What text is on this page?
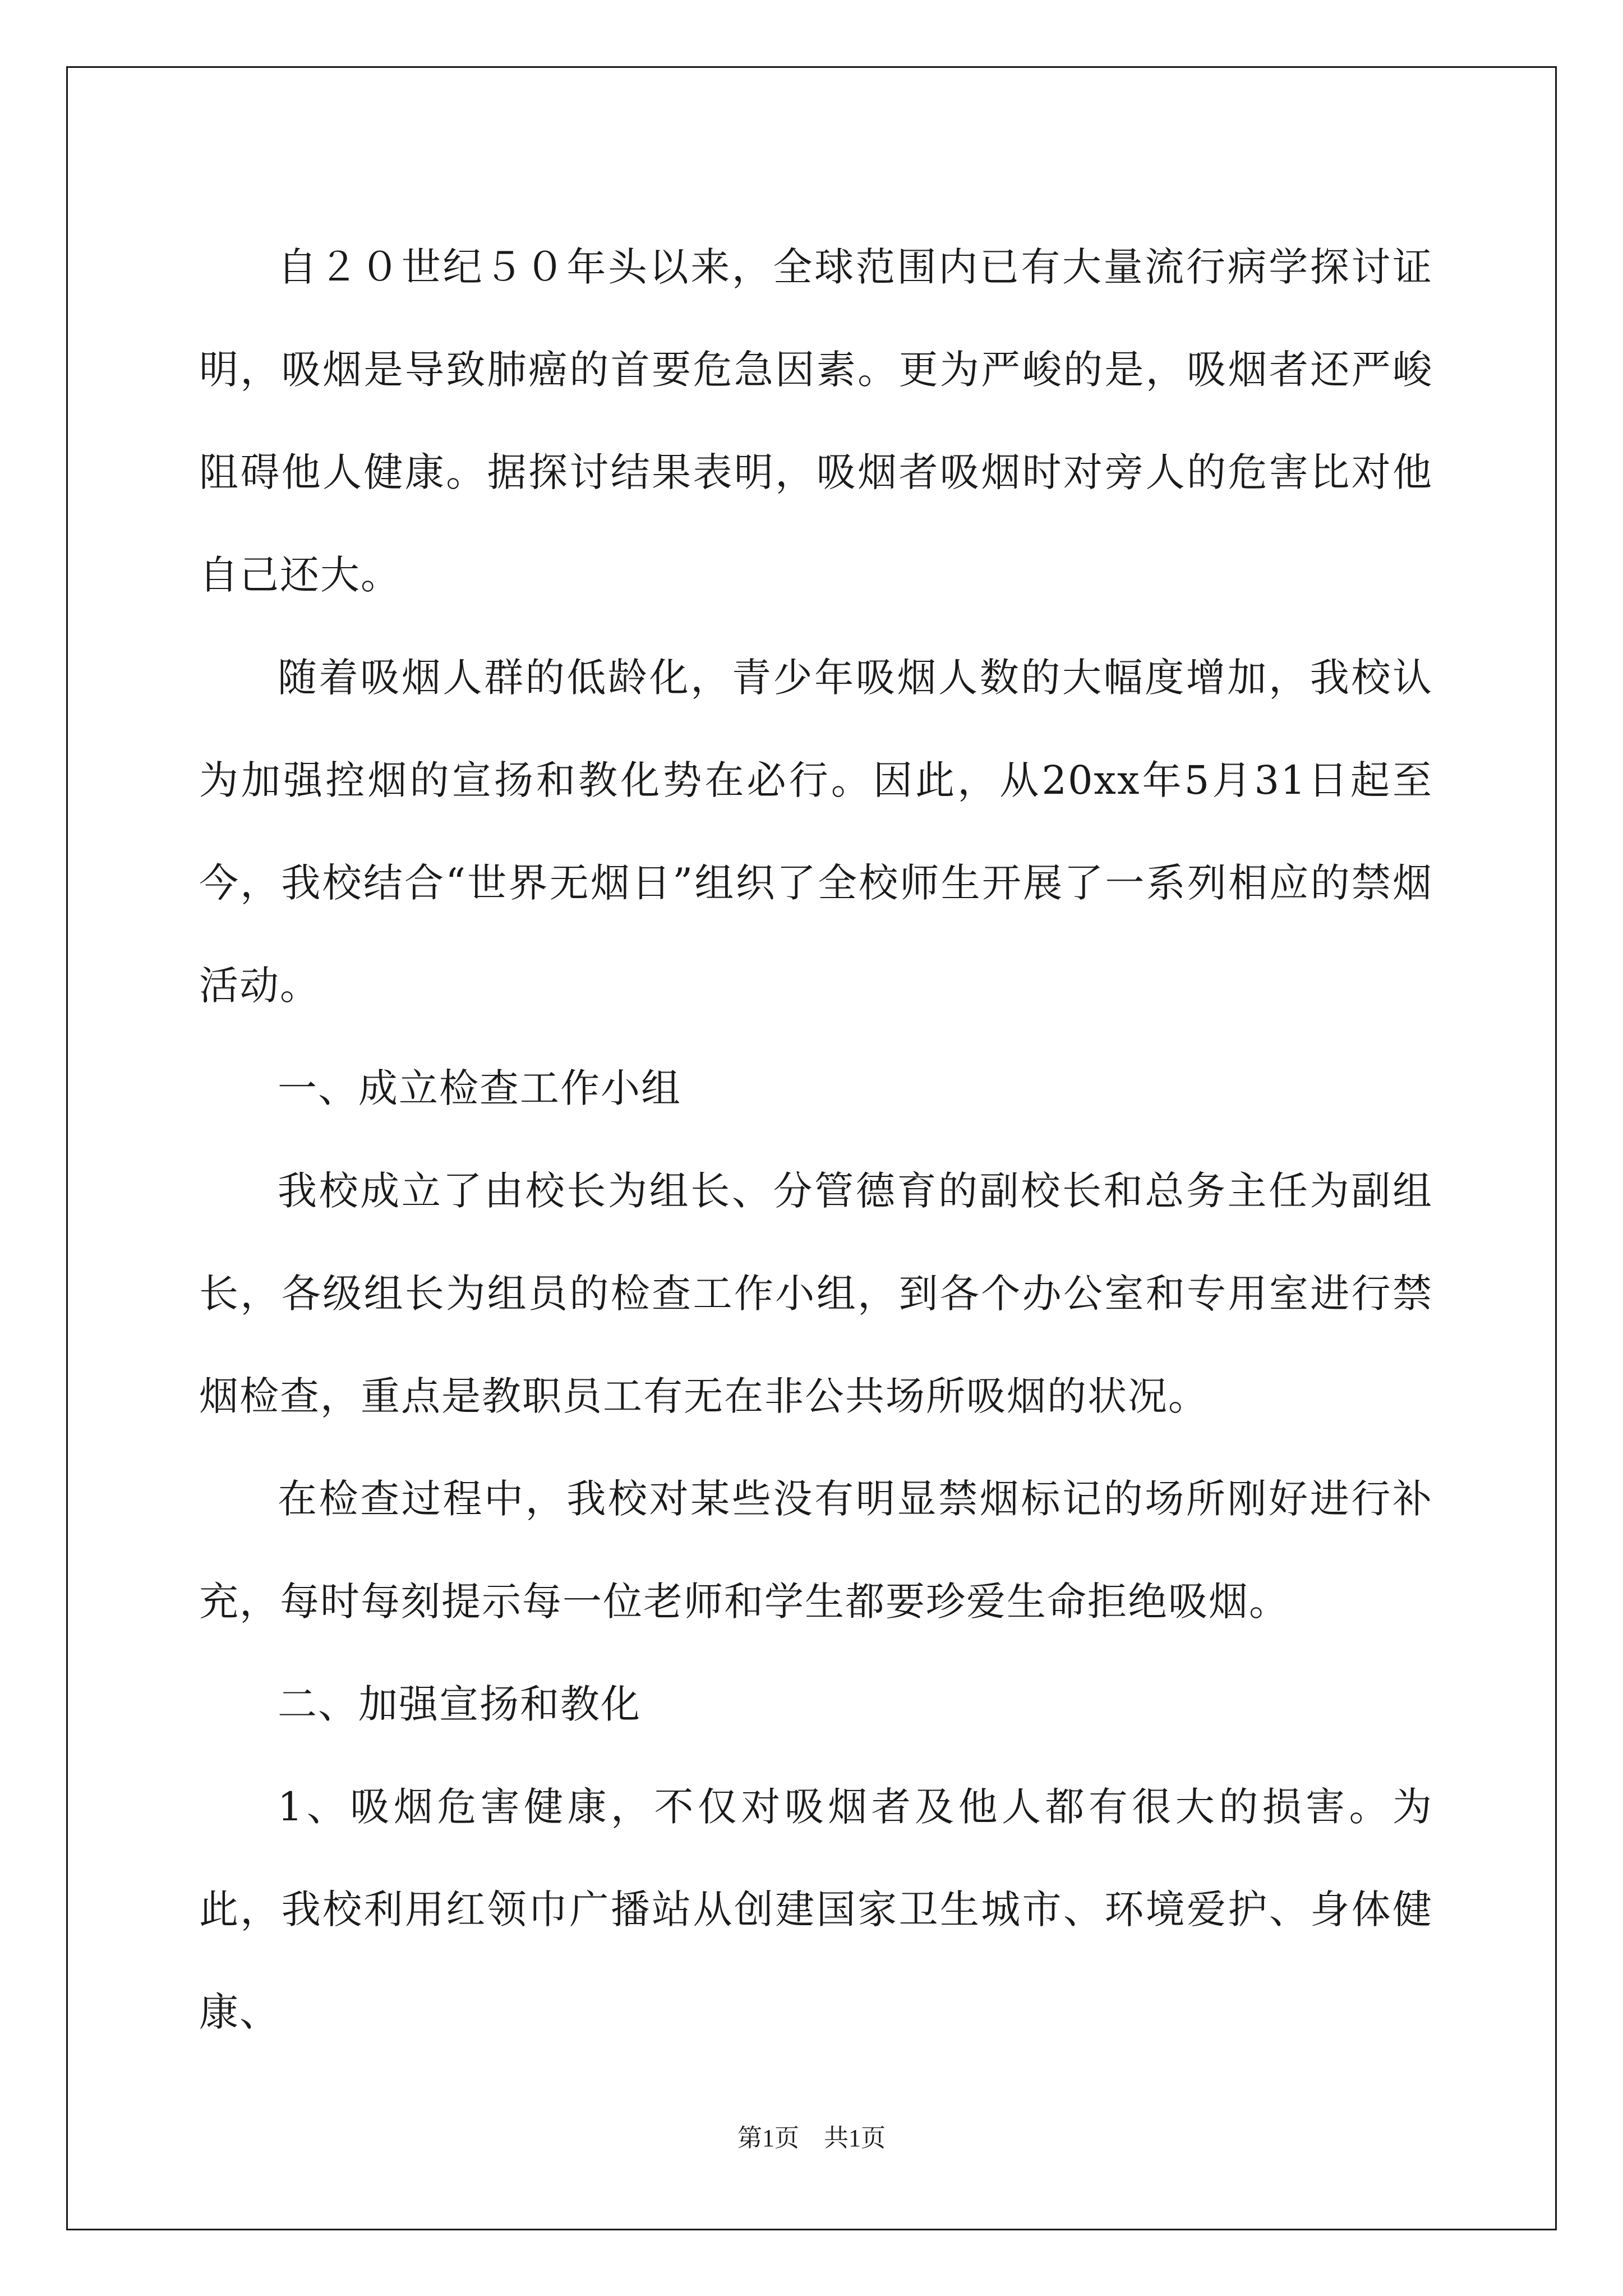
自２０世纪５０年头以来，全球范围内已有大量流行病学探讨证明，吸烟是导致肺癌的首要危急因素。更为严峻的是，吸烟者还严峻阻碍他人健康。据探讨结果表明，吸烟者吸烟时对旁人的危害比对他自己还大。

随着吸烟人群的低龄化，青少年吸烟人数的大幅度增加，我校认为加强控烟的宣扬和教化势在必行。因此，从20xx年5月31日起至今，我校结合“世界无烟日”组织了全校师生开展了一系列相应的禁烟活动。

一、成立检查工作小组

我校成立了由校长为组长、分管德育的副校长和总务主任为副组长，各级组长为组员的检查工作小组，到各个办公室和专用室进行禁烟检查，重点是教职员工有无在非公共场所吸烟的状况。

在检查过程中，我校对某些没有明显禁烟标记的场所刚好进行补充，每时每刻提示每一位老师和学生都要珍爱生命拒绝吸烟。

二、加强宣扬和教化

1、吸烟危害健康，不仅对吸烟者及他人都有很大的损害。为此，我校利用红领巾广播站从创建国家卫生城市、环境爱护、身体健康、

第1页 共1页
